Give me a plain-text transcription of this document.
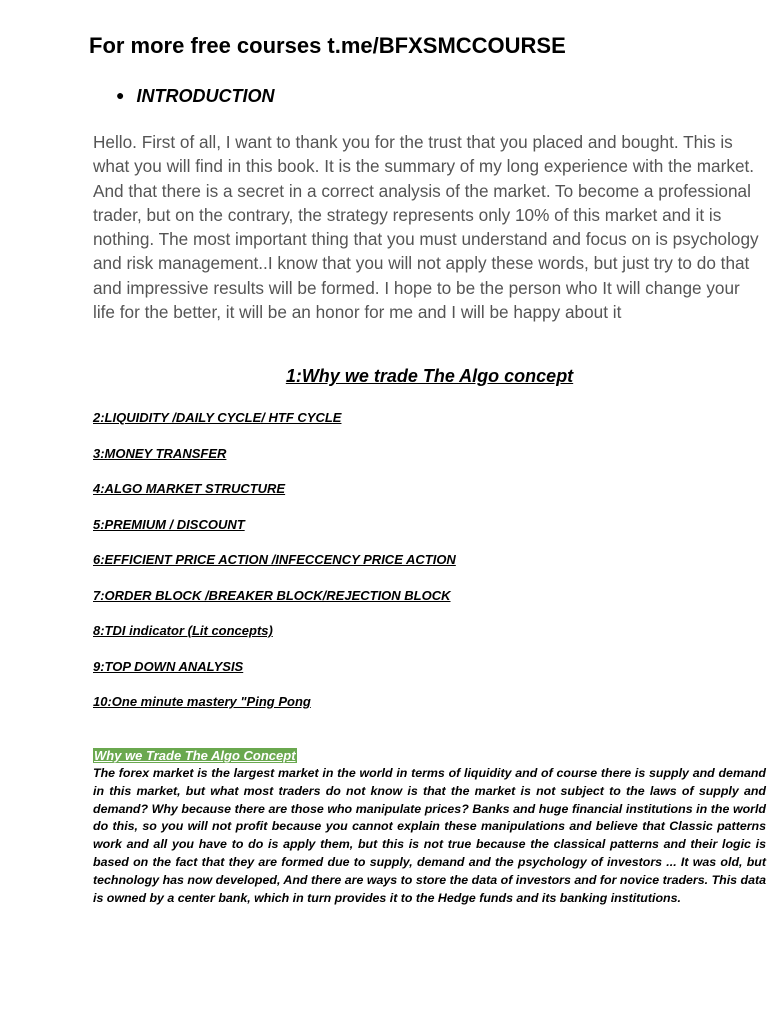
For more free courses t.me/BFXSMCCOURSE
● INTRODUCTION

Hello. First of all, I want to thank you for the trust that you placed and bought. This is what you will find in this book. It is the summary of my long experience with the market. And that there is a secret in a correct analysis of the market. To become a professional trader, but on the contrary, the strategy represents only 10% of this market and it is nothing. The most important thing that you must understand and focus on is psychology and risk management..I know that you will not apply these words, but just try to do that and impressive results will be formed. I hope to be the person who It will change your life for the better, it will be an honor for me and I will be happy about it

1:Why we trade The Algo concept
2:LIQUIDITY /DAILY CYCLE/ HTF CYCLE
3:MONEY TRANSFER
4:ALGO MARKET STRUCTURE
5:PREMIUM / DISCOUNT
6:EFFICIENT PRICE ACTION /INFECCENCY PRICE ACTION
7:ORDER BLOCK /BREAKER BLOCK/REJECTION BLOCK
8:TDI indicator (Lit concepts)
9:TOP DOWN ANALYSIS
10:One minute mastery "Ping Pong
Why we Trade The Algo Concept

The forex market is the largest market in the world in terms of liquidity and of course there is supply and demand in this market, but what most traders do not know is that the market is not subject to the laws of supply and demand? Why because there are those who manipulate prices? Banks and huge financial institutions in the world do this, so you will not profit because you cannot explain these manipulations and believe that Classic patterns work and all you have to do is apply them, but this is not true because the classical patterns and their logic is based on the fact that they are formed due to supply, demand and the psychology of investors ... It was old, but technology has now developed, And there are ways to store the data of investors and for novice traders. This data is owned by a center bank, which in turn provides it to the Hedge funds and its banking institutions.
